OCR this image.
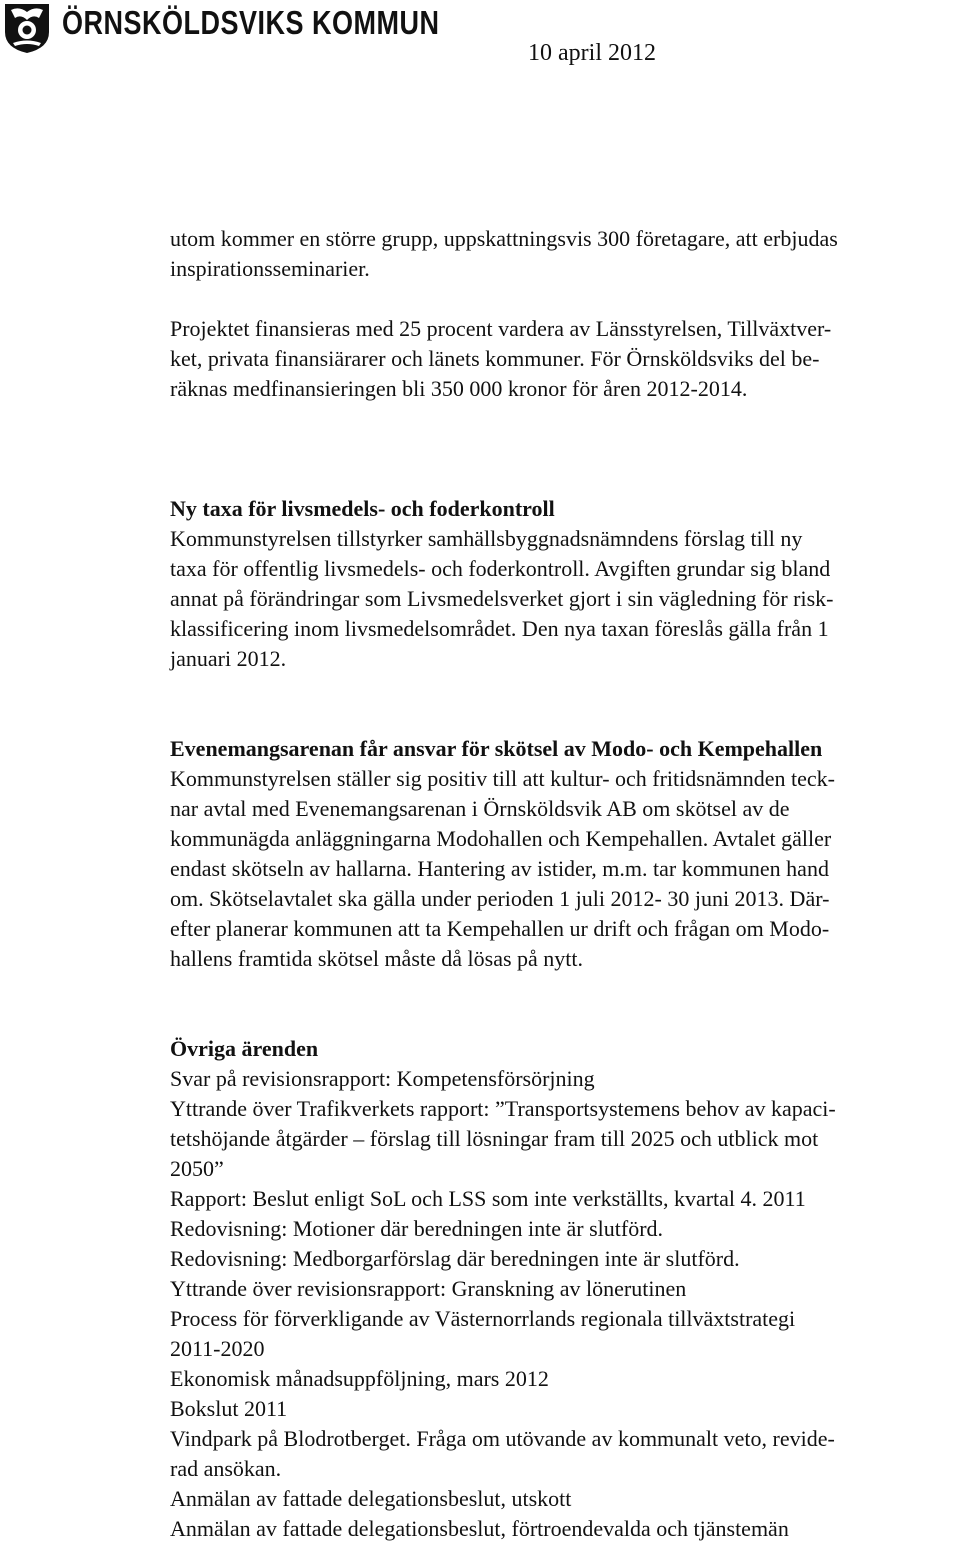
ÖRNSKÖLDSVIKS KOMMUN
10 april 2012

utom kommer en större grupp, uppskattningsvis 300 företagare, att erbjudas
inspirationsseminarier.

Projektet finansieras med 25 procent vardera av Länsstyrelsen, Tillväxtver-
ket, privata finansiärarer och länets kommuner. För Örnsköldsviks del be-
räknas medfinansieringen bli 350 000 kronor för åren 2012-2014.

Ny taxa för livsmedels- och foderkontroll
Kommunstyrelsen tillstyrker samhällsbyggnadsnämndens förslag till ny
taxa för offentlig livsmedels- och foderkontroll. Avgiften grundar sig bland
annat på förändringar som Livsmedelsverket gjort i sin vägledning för risk-
klassificering inom livsmedelsområdet. Den nya taxan föreslås gälla från 1
januari 2012.

Evenemangsarenan får ansvar för skötsel av Modo- och Kempehallen
Kommunstyrelsen ställer sig positiv till att kultur- och fritidsnämnden teck-
nar avtal med Evenemangsarenan i Örnsköldsvik AB om skötsel av de
kommunägda anläggningarna Modohallen och Kempehallen. Avtalet gäller
endast skötseln av hallarna. Hantering av istider, m.m. tar kommunen hand
om. Skötselavtalet ska gälla under perioden 1 juli 2012- 30 juni 2013. Där-
efter planerar kommunen att ta Kempehallen ur drift och frågan om Modo-
hallens framtida skötsel måste då lösas på nytt.

Övriga ärenden
Svar på revisionsrapport: Kompetensförsörjning
Yttrande över Trafikverkets rapport: ”Transportsystemens behov av kapaci-
tetshöjande åtgärder – förslag till lösningar fram till 2025 och utblick mot
2050”
Rapport: Beslut enligt SoL och LSS som inte verkställts, kvartal 4. 2011
Redovisning: Motioner där beredningen inte är slutförd.
Redovisning: Medborgarförslag där beredningen inte är slutförd.
Yttrande över revisionsrapport: Granskning av lönerutinen
Process för förverkligande av Västernorrlands regionala tillväxtstrategi
2011-2020
Ekonomisk månadsuppföljning, mars 2012
Bokslut 2011
Vindpark på Blodrotberget. Fråga om utövande av kommunalt veto, revide-
rad ansökan.
Anmälan av fattade delegationsbeslut, utskott
Anmälan av fattade delegationsbeslut, förtroendevalda och tjänstemän
